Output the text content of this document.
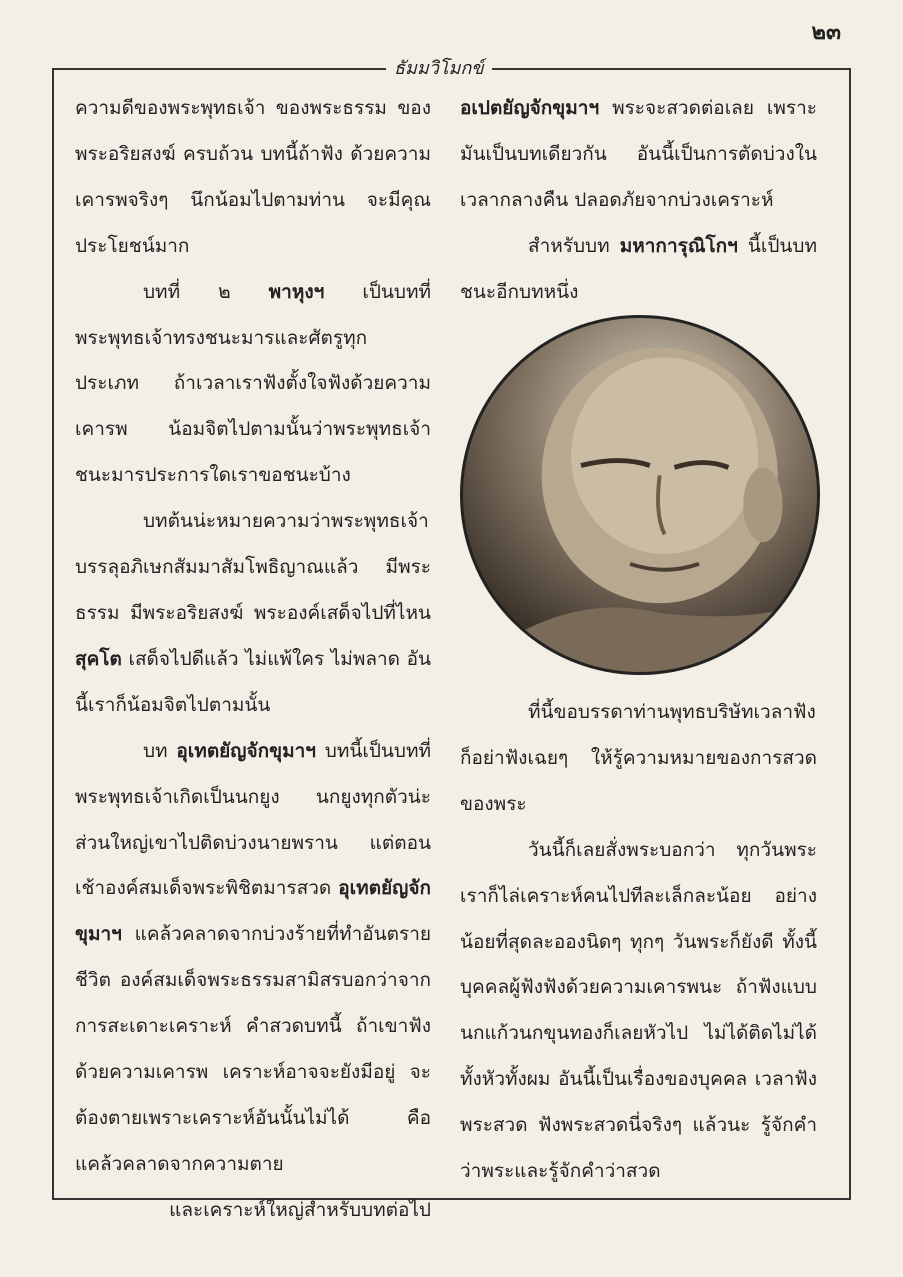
๒๓
ธัมมวิโมกข์

ความดีของพระพุทธเจ้า ของพระธรรม ของพระอริยสงฆ์ ครบถ้วน บทนี้ถ้าฟัง ด้วยความเคารพจริงๆ นึกน้อมไปตามท่าน จะมีคุณประโยชน์มาก

บทที่ ๒ พาหุงฯ เป็นบทที่พระพุทธเจ้าทรงชนะมารและศัตรูทุกประเภท ถ้าเวลาเราฟังตั้งใจฟังด้วยความเคารพ น้อมจิตไปตามนั้นว่าพระพุทธเจ้าชนะมารประการใดเราขอชนะบ้าง

บทต้นน่ะหมายความว่าพระพุทธเจ้าบรรลุอภิเษกสัมมาสัมโพธิญาณแล้ว มีพระธรรม มีพระอริยสงฆ์ พระองค์เสด็จไปที่ไหน สุคโต เสด็จไปดีแล้ว ไม่แพ้ใคร ไม่พลาด อันนี้เราก็น้อมจิตไปตามนั้น

บท อุเทตยัญจักขุมาฯ บทนี้เป็นบทที่พระพุทธเจ้าเกิดเป็นนกยูง นกยูงทุกตัวน่ะส่วนใหญ่เขาไปติดบ่วงนายพราน แต่ตอนเช้าองค์สมเด็จพระพิชิตมารสวด อุเทตยัญจักขุมาฯ แคล้วคลาดจากบ่วงร้ายที่ทำอันตรายชีวิต องค์สมเด็จพระธรรมสามิสรบอกว่าจากการสะเดาะเคราะห์ คำสวดบทนี้ ถ้าเขาฟังด้วยความเคารพ เคราะห์อาจจะยังมีอยู่ จะต้องตายเพราะเคราะห์อันนั้นไม่ได้ คือแคล้วคลาดจากความตาย

และเคราะห์ใหญ่สำหรับบทต่อไป

อเปตยัญจักขุมาฯ พระจะสวดต่อเลย เพราะมันเป็นบทเดียวกัน อันนี้เป็นการตัดบ่วงในเวลากลางคืน ปลอดภัยจากบ่วงเคราะห์

สำหรับบท มหาการุณิโกฯ นี้เป็นบทชนะอีกบทหนึ่ง

ที่นี้ขอบรรดาท่านพุทธบริษัทเวลาฟังก็อย่าฟังเฉยๆ ให้รู้ความหมายของการสวดของพระ

วันนี้ก็เลยสั่งพระบอกว่า ทุกวันพระเราก็ไล่เคราะห์คนไปทีละเล็กละน้อย อย่างน้อยที่สุดละอองนิดๆ ทุกๆ วันพระก็ยังดี ทั้งนี้บุคคลผู้ฟังฟังด้วยความเคารพนะ ถ้าฟังแบบนกแก้วนกขุนทองก็เลยหัวไป ไม่ได้ติดไม่ได้ทั้งหัวทั้งผม อันนี้เป็นเรื่องของบุคคล เวลาฟังพระสวด ฟังพระสวดนี่จริงๆ แล้วนะ รู้จักคำว่าพระและรู้จักคำว่าสวด
